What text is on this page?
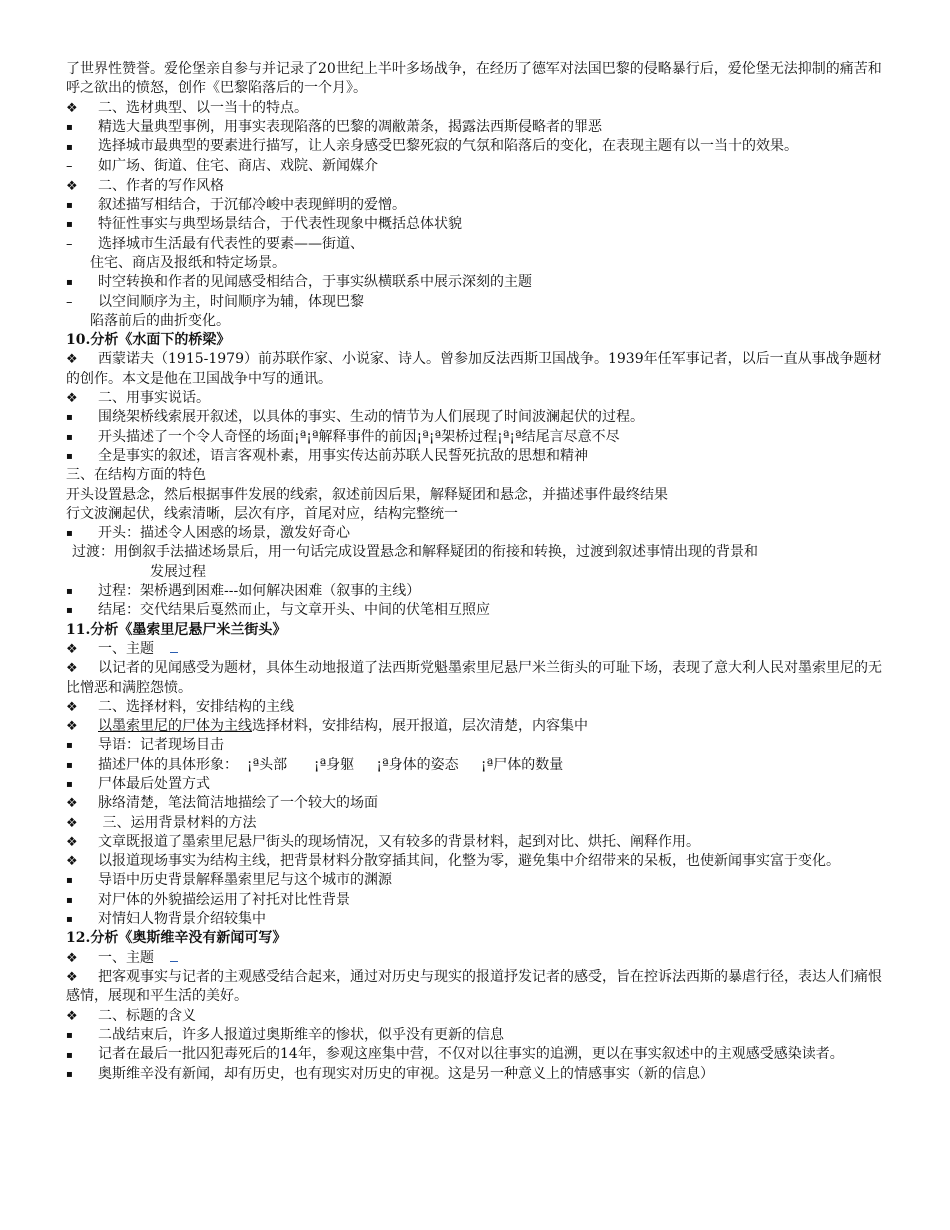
了世界性赞誉。爱伦堡亲自参与并记录了20世纪上半叶多场战争，在经历了德军对法国巴黎的侵略暴行后，爱伦堡无法抑制的痛苦和呼之欲出的愤怒，创作《巴黎陷落后的一个月》。

❖	二、选材典型、以一当十的特点。
▪	精选大量典型事例，用事实表现陷落的巴黎的凋敝萧条，揭露法西斯侵略者的罪恶

▪ 选择城市最典型的要素进行描写，让人亲身感受巴黎死寂的气氛和陷落后的变化，在表现主题有以一当十的效果。

–	如广场、街道、住宅、商店、戏院、新闻媒介
❖	二、作者的写作风格
▪	叙述描写相结合，于沉郁冷峻中表现鲜明的爱憎。
▪	特征性事实与典型场景结合，于代表性现象中概括总体状貌
–	选择城市生活最有代表性的要素——街道、

住宅、商店及报纸和特定场景。

▪	时空转换和作者的见闻感受相结合，于事实纵横联系中展示深刻的主题
–	以空间顺序为主，时间顺序为辅，体现巴黎

陷落前后的曲折变化。

10.分析《水面下的桥梁》

❖ 西蒙诺夫（1915-1979）前苏联作家、小说家、诗人。曾参加反法西斯卫国战争。1939年任军事记者，以后一直从事战争题材的创作。本文是他在卫国战争中写的通讯。

❖	二、用事实说话。
▪	围绕架桥线索展开叙述，以具体的事实、生动的情节为人们展现了时间波澜起伏的过程。
▪	开头描述了一个令人奇怪的场面¡ª¡ª解释事件的前因¡ª¡ª架桥过程¡ª¡ª结尾言尽意不尽
▪	全是事实的叙述，语言客观朴素，用事实传达前苏联人民誓死抗敌的思想和精神

三、在结构方面的特色

开头设置悬念，然后根据事件发展的线索，叙述前因后果，解释疑团和悬念，并描述事件最终结果

行文波澜起伏，线索清晰，层次有序，首尾对应，结构完整统一

▪	开头：描述令人困惑的场景，激发好奇心

过渡：用倒叙手法描述场景后，用一句话完成设置悬念和解释疑团的衔接和转换，过渡到叙述事情出现的背景和

发展过程

▪	过程：架桥遇到困难---如何解决困难（叙事的主线）
▪	结尾：交代结果后戛然而止，与文章开头、中间的伏笔相互照应

11.分析《墨索里尼悬尸米兰街头》

❖	一、主题

❖ 以记者的见闻感受为题材，具体生动地报道了法西斯党魁墨索里尼悬尸米兰街头的可耻下场，表现了意大利人民对墨索里尼的无比憎恶和满腔怨愤。

❖	二、选择材料，安排结构的主线
❖	以墨索里尼的尸体为主线选择材料，安排结构，展开报道，层次清楚，内容集中
▪	导语：记者现场目击
▪	描述尸体的具体形象：  ¡ª头部      ¡ª身躯     ¡ª身体的姿态     ¡ª尸体的数量
▪	尸体最后处置方式
❖	脉络清楚，笔法简洁地描绘了一个较大的场面
❖	三、运用背景材料的方法
❖	文章既报道了墨索里尼悬尸街头的现场情况，又有较多的背景材料，起到对比、烘托、阐释作用。

❖ 以报道现场事实为结构主线，把背景材料分散穿插其间，化整为零，避免集中介绍带来的呆板，也使新闻事实富于变化。

▪	导语中历史背景解释墨索里尼与这个城市的渊源
▪	对尸体的外貌描绘运用了衬托对比性背景
▪	对情妇人物背景介绍较集中

12.分析《奥斯维辛没有新闻可写》

❖	一、主题

❖ 把客观事实与记者的主观感受结合起来，通过对历史与现实的报道抒发记者的感受，旨在控诉法西斯的暴虐行径，表达人们痛恨感情，展现和平生活的美好。

❖	二、标题的含义
▪	二战结束后，许多人报道过奥斯维辛的惨状，似乎没有更新的信息

▪ 记者在最后一批囚犯毒死后的14年，参观这座集中营，不仅对以往事实的追溯，更以在事实叙述中的主观感受感染读者。

▪	奥斯维辛没有新闻，却有历史，也有现实对历史的审视。这是另一种意义上的情感事实（新的信息）
